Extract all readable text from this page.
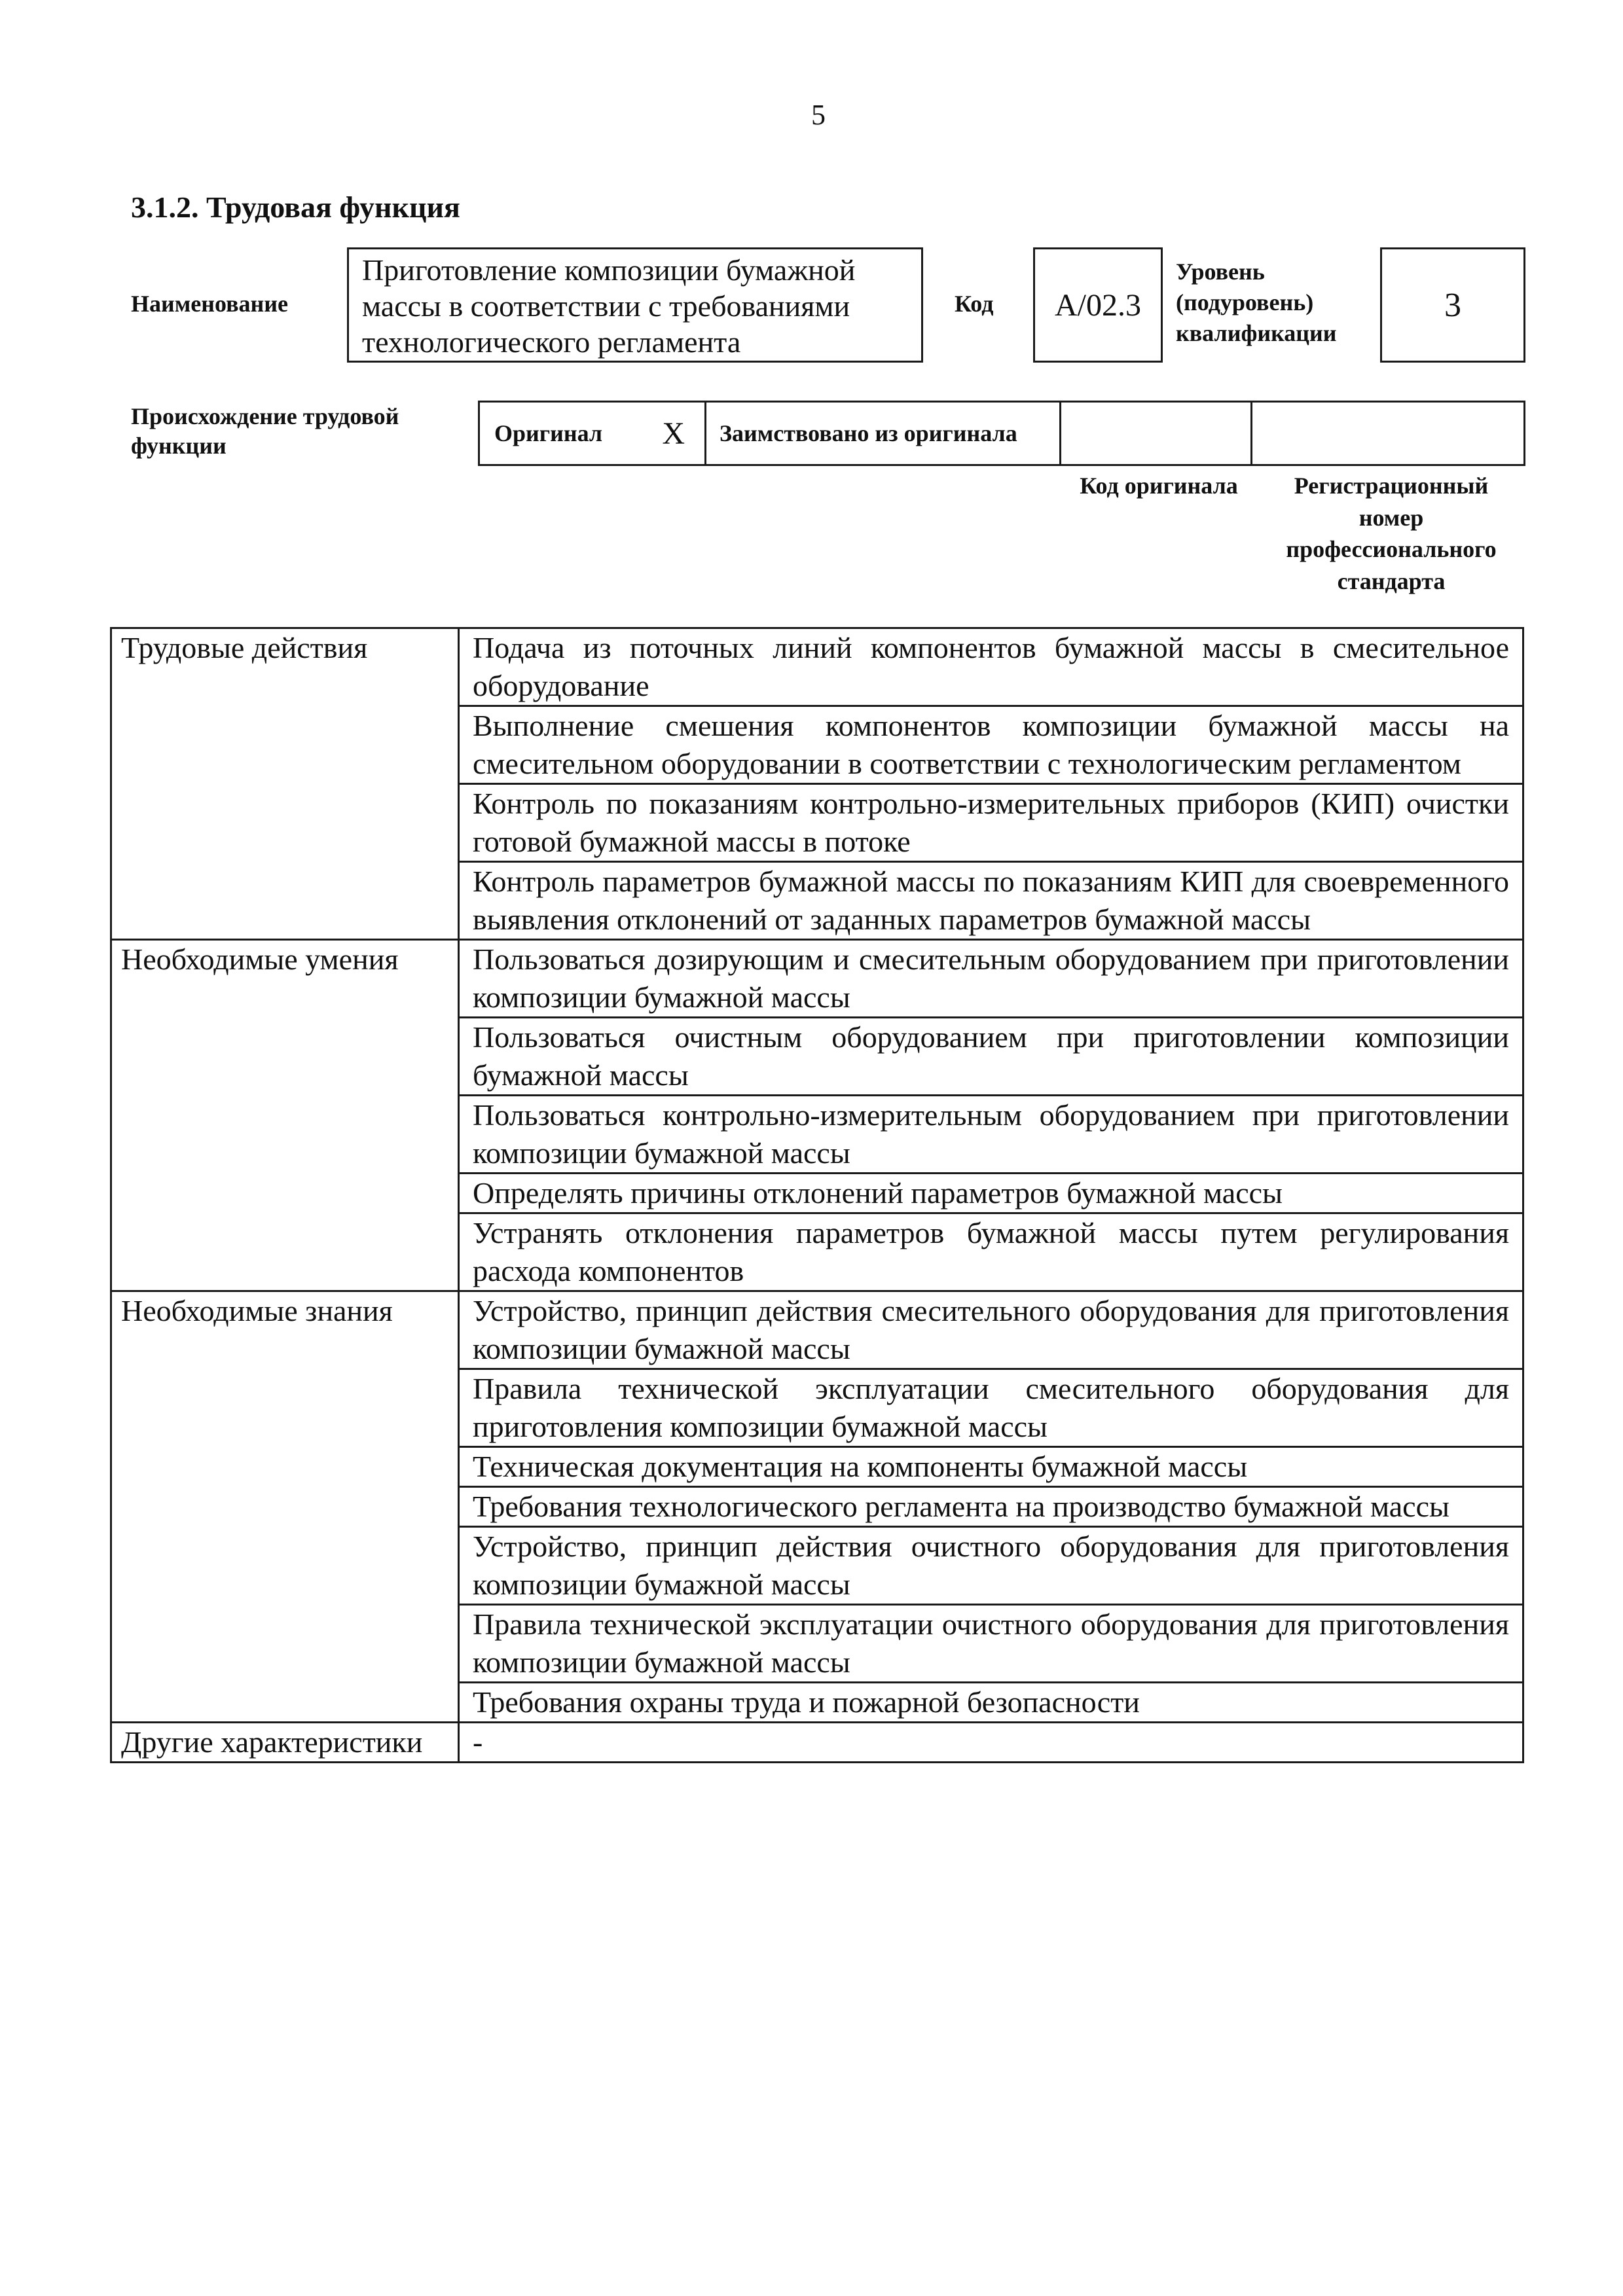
5
3.1.2. Трудовая функция
Наименование
Приготовление композиции бумажной массы в соответствии с требованиями технологического регламента
Код	A/02.3
Уровень (подуровень) квалификации
3
Происхождение трудовой функции	Оригинал X	Заимствовано из оригинала
Код оригинала	Регистрационный номер профессионального стандарта
Трудовые действия	Подача из поточных линий компонентов бумажной массы в смесительное оборудование
	Выполнение смешения компонентов композиции бумажной массы на смесительном оборудовании в соответствии с технологическим регламентом
	Контроль по показаниям контрольно-измерительных приборов (КИП) очистки готовой бумажной массы в потоке
	Контроль параметров бумажной массы по показаниям КИП для своевременного выявления отклонений от заданных параметров бумажной массы
Необходимые умения	Пользоваться дозирующим и смесительным оборудованием при приготовлении композиции бумажной массы
	Пользоваться очистным оборудованием при приготовлении композиции бумажной массы
	Пользоваться контрольно-измерительным оборудованием при приготовлении композиции бумажной массы
	Определять причины отклонений параметров бумажной массы
	Устранять отклонения параметров бумажной массы путем регулирования расхода компонентов
Необходимые знания	Устройство, принцип действия смесительного оборудования для приготовления композиции бумажной массы
	Правила технической эксплуатации смесительного оборудования для приготовления композиции бумажной массы
	Техническая документация на компоненты бумажной массы
	Требования технологического регламента на производство бумажной массы
	Устройство, принцип действия очистного оборудования для приготовления композиции бумажной массы
	Правила технической эксплуатации очистного оборудования для приготовления композиции бумажной массы
	Требования охраны труда и пожарной безопасности
Другие характеристики	-
